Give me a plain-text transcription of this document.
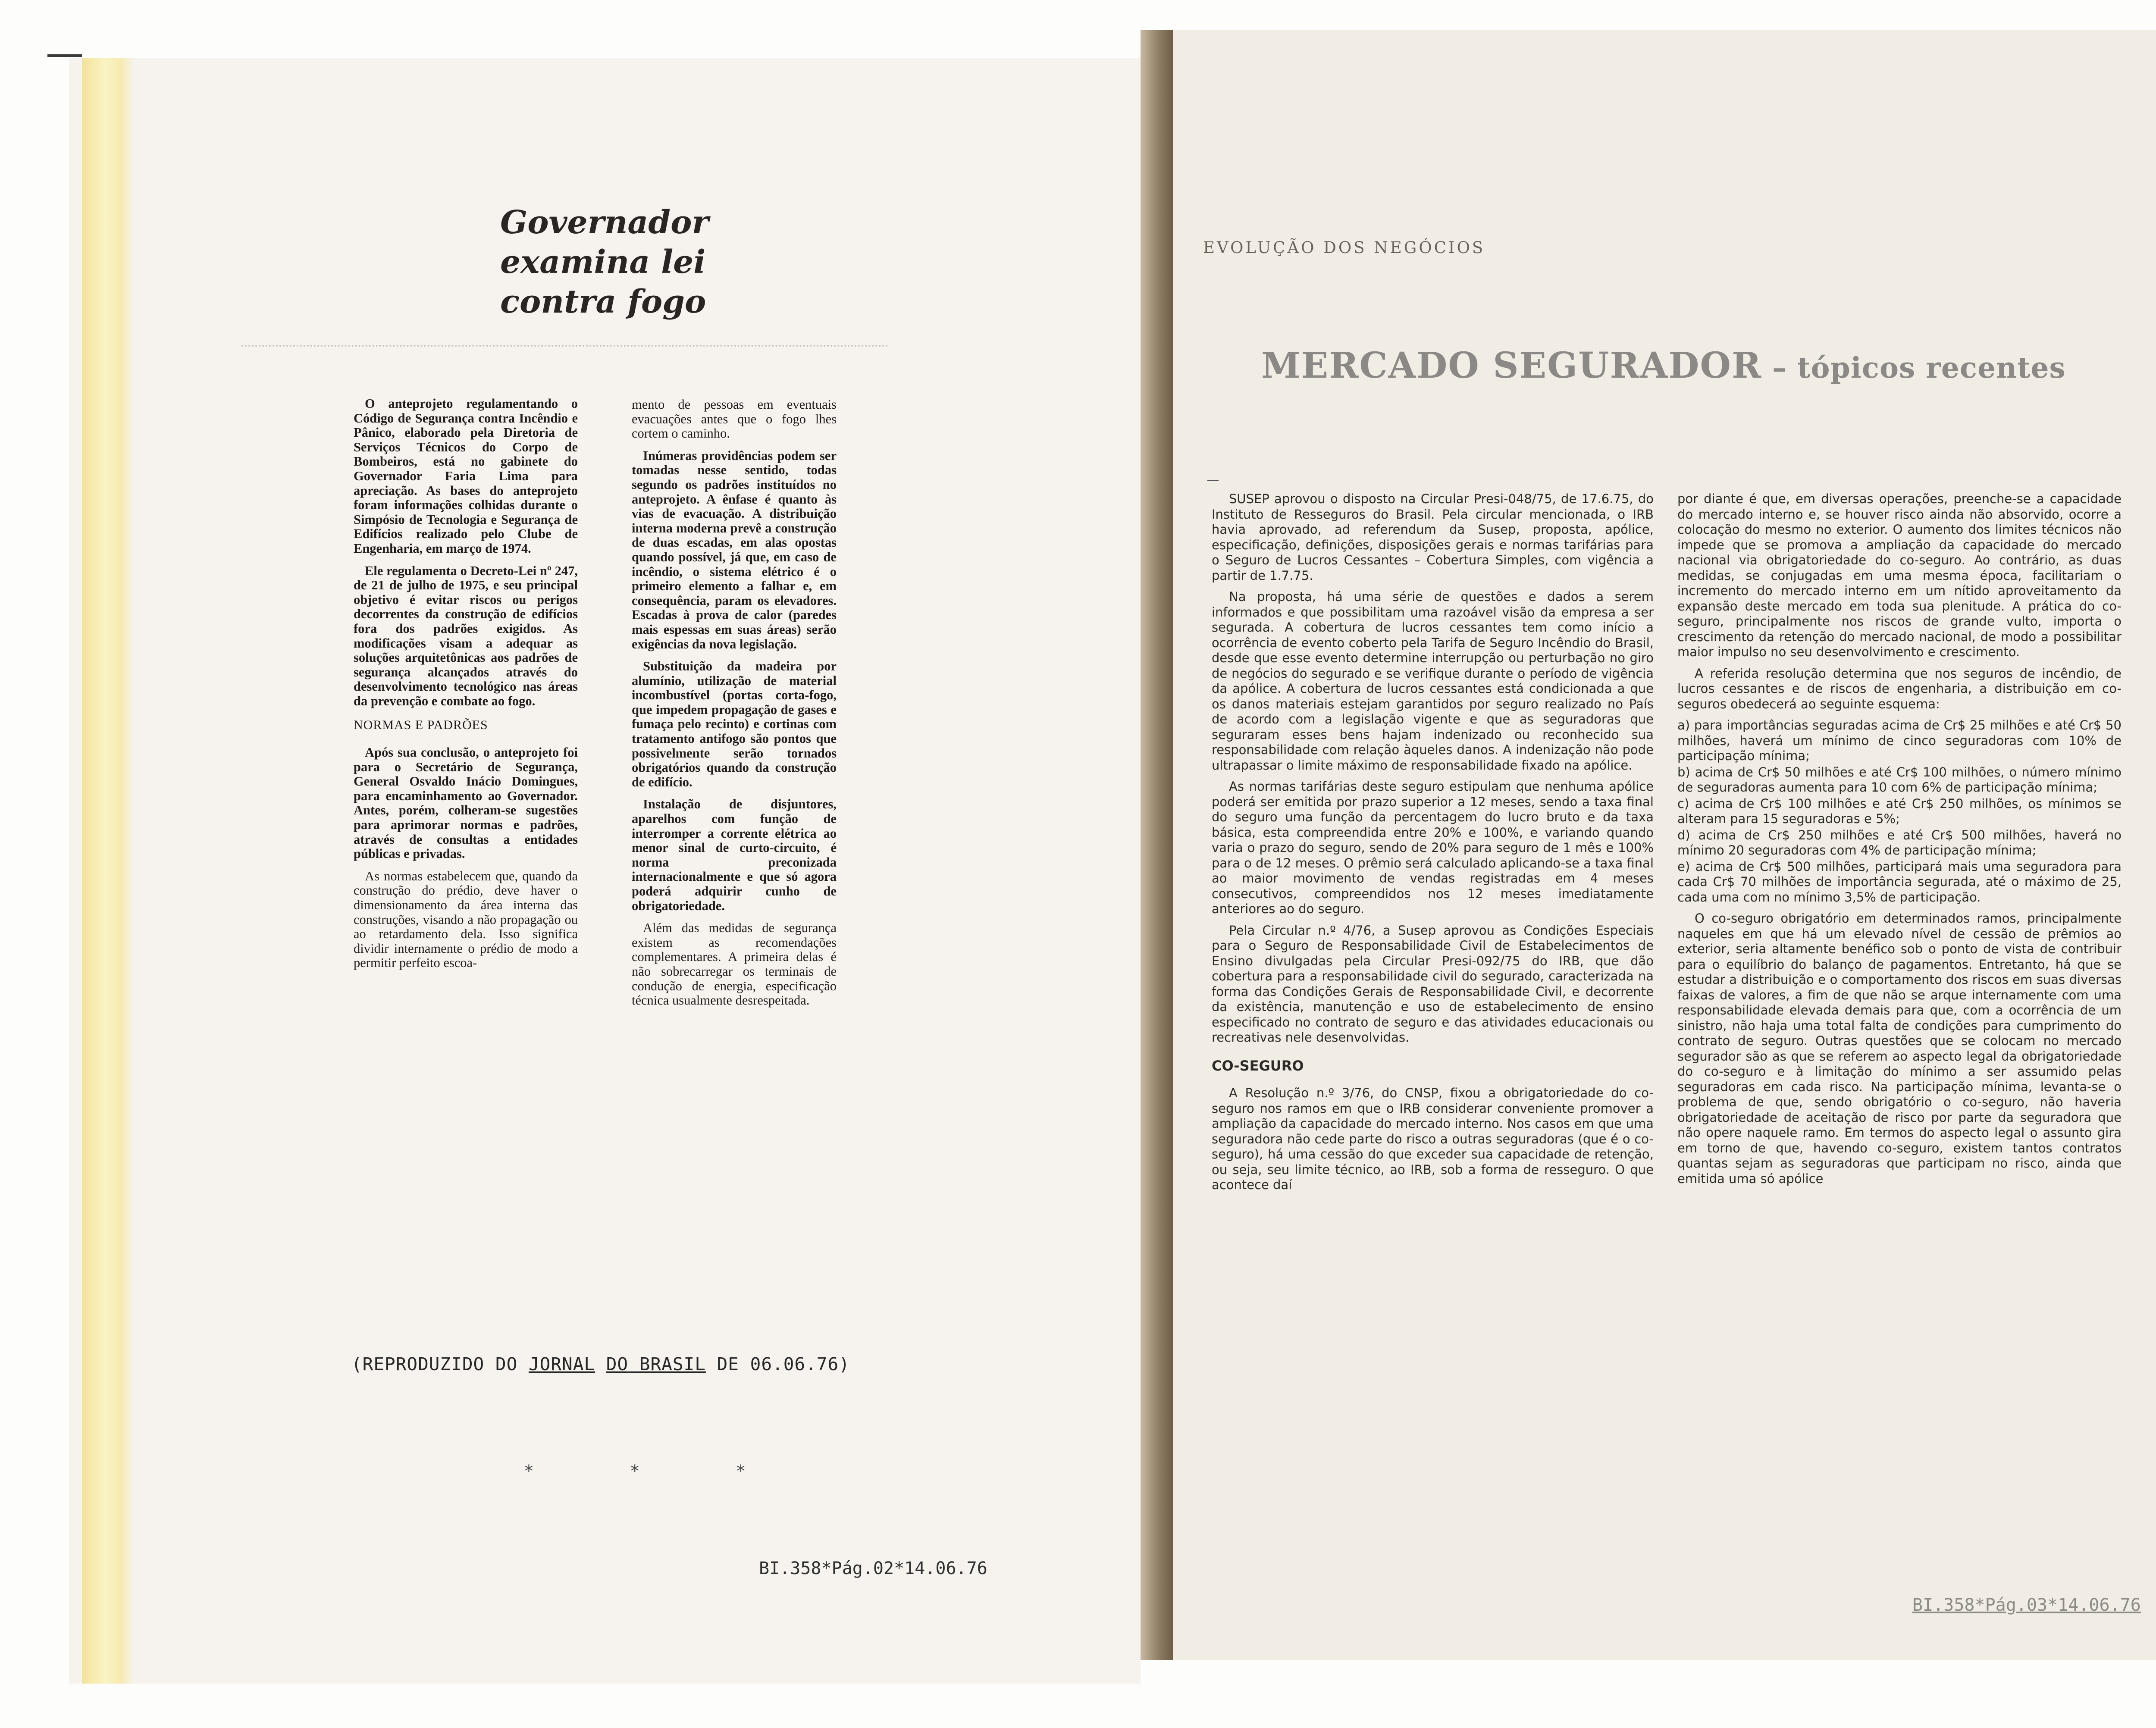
Governador
examina lei
contra fogo

O anteprojeto regulamentando o Código de Segurança contra Incêndio e Pânico, elaborado pela Diretoria de Serviços Técnicos do Corpo de Bombeiros, está no gabinete do Governador Faria Lima para apreciação. As bases do anteprojeto foram informações colhidas durante o Simpósio de Tecnologia e Segurança de Edifícios realizado pelo Clube de Engenharia, em março de 1974.

Ele regulamenta o Decreto-Lei nº 247, de 21 de julho de 1975, e seu principal objetivo é evitar riscos ou perigos decorrentes da construção de edifícios fora dos padrões exigidos. As modificações visam a adequar as soluções arquitetônicas aos padrões de segurança alcançados através do desenvolvimento tecnológico nas áreas da prevenção e combate ao fogo.

NORMAS E PADRÕES

Após sua conclusão, o anteprojeto foi para o Secretário de Segurança, General Osvaldo Inácio Domingues, para encaminhamento ao Governador. Antes, porém, colheram-se sugestões para aprimorar normas e padrões, através de consultas a entidades públicas e privadas.

As normas estabelecem que, quando da construção do prédio, deve haver o dimensionamento da área interna das construções, visando a não propagação ou ao retardamento dela. Isso significa dividir internamente o prédio de modo a permitir perfeito escoa-

mento de pessoas em eventuais evacuações antes que o fogo lhes cortem o caminho.

Inúmeras providências podem ser tomadas nesse sentido, todas segundo os padrões instituídos no anteprojeto. A ênfase é quanto às vias de evacuação. A distribuição interna moderna prevê a construção de duas escadas, em alas opostas quando possível, já que, em caso de incêndio, o sistema elétrico é o primeiro elemento a falhar e, em consequência, param os elevadores. Escadas à prova de calor (paredes mais espessas em suas áreas) serão exigências da nova legislação.

Substituição da madeira por alumínio, utilização de material incombustível (portas corta-fogo, que impedem propagação de gases e fumaça pelo recinto) e cortinas com tratamento antifogo são pontos que possivelmente serão tornados obrigatórios quando da construção de edifício.

Instalação de disjuntores, aparelhos com função de interromper a corrente elétrica ao menor sinal de curto-circuito, é norma preconizada internacionalmente e que só agora poderá adquirir cunho de obrigatoriedade.

Além das medidas de segurança existem as recomendações complementares. A primeira delas é não sobrecarregar os terminais de condução de energia, especificação técnica usualmente desrespeitada.

(REPRODUZIDO DO JORNAL DO BRASIL DE 06.06.76)
* * *
BI.358*Pág.02*14.06.76
EVOLUÇÃO DOS NEGÓCIOS
MERCADO SEGURADOR – tópicos recentes

SUSEP aprovou o disposto na Circular Presi-048/75, de 17.6.75, do Instituto de Resseguros do Brasil. Pela circular mencionada, o IRB havia aprovado, ad referendum da Susep, proposta, apólice, especificação, definições, disposições gerais e normas tarifárias para o Seguro de Lucros Cessantes – Cobertura Simples, com vigência a partir de 1.7.75.

Na proposta, há uma série de questões e dados a serem informados e que possibilitam uma razoável visão da empresa a ser segurada. A cobertura de lucros cessantes tem como início a ocorrência de evento coberto pela Tarifa de Seguro Incêndio do Brasil, desde que esse evento determine interrupção ou perturbação no giro de negócios do segurado e se verifique durante o período de vigência da apólice. A cobertura de lucros cessantes está condicionada a que os danos materiais estejam garantidos por seguro realizado no País de acordo com a legislação vigente e que as seguradoras que seguraram esses bens hajam indenizado ou reconhecido sua responsabilidade com relação àqueles danos. A indenização não pode ultrapassar o limite máximo de responsabilidade fixado na apólice.

As normas tarifárias deste seguro estipulam que nenhuma apólice poderá ser emitida por prazo superior a 12 meses, sendo a taxa final do seguro uma função da percentagem do lucro bruto e da taxa básica, esta compreendida entre 20% e 100%, e variando quando varia o prazo do seguro, sendo de 20% para seguro de 1 mês e 100% para o de 12 meses. O prêmio será calculado aplicando-se a taxa final ao maior movimento de vendas registradas em 4 meses consecutivos, compreendidos nos 12 meses imediatamente anteriores ao do seguro.

Pela Circular n.º 4/76, a Susep aprovou as Condições Especiais para o Seguro de Responsabilidade Civil de Estabelecimentos de Ensino divulgadas pela Circular Presi-092/75 do IRB, que dão cobertura para a responsabilidade civil do segurado, caracterizada na forma das Condições Gerais de Responsabilidade Civil, e decorrente da existência, manutenção e uso de estabelecimento de ensino especificado no contrato de seguro e das atividades educacionais ou recreativas nele desenvolvidas.

CO-SEGURO

A Resolução n.º 3/76, do CNSP, fixou a obrigatoriedade do co-seguro nos ramos em que o IRB considerar conveniente promover a ampliação da capacidade do mercado interno. Nos casos em que uma seguradora não cede parte do risco a outras seguradoras (que é o co-seguro), há uma cessão do que exceder sua capacidade de retenção, ou seja, seu limite técnico, ao IRB, sob a forma de resseguro. O que acontece daí

por diante é que, em diversas operações, preenche-se a capacidade do mercado interno e, se houver risco ainda não absorvido, ocorre a colocação do mesmo no exterior. O aumento dos limites técnicos não impede que se promova a ampliação da capacidade do mercado nacional via obrigatoriedade do co-seguro. Ao contrário, as duas medidas, se conjugadas em uma mesma época, facilitariam o incremento do mercado interno em um nítido aproveitamento da expansão deste mercado em toda sua plenitude. A prática do co-seguro, principalmente nos riscos de grande vulto, importa o crescimento da retenção do mercado nacional, de modo a possibilitar maior impulso no seu desenvolvimento e crescimento.

A referida resolução determina que nos seguros de incêndio, de lucros cessantes e de riscos de engenharia, a distribuição em co-seguros obedecerá ao seguinte esquema:

a) para importâncias seguradas acima de Cr$ 25 milhões e até Cr$ 50 milhões, haverá um mínimo de cinco seguradoras com 10% de participação mínima;

b) acima de Cr$ 50 milhões e até Cr$ 100 milhões, o número mínimo de seguradoras aumenta para 10 com 6% de participação mínima;

c) acima de Cr$ 100 milhões e até Cr$ 250 milhões, os mínimos se alteram para 15 seguradoras e 5%;

d) acima de Cr$ 250 milhões e até Cr$ 500 milhões, haverá no mínimo 20 seguradoras com 4% de participação mínima;

e) acima de Cr$ 500 milhões, participará mais uma seguradora para cada Cr$ 70 milhões de importância segurada, até o máximo de 25, cada uma com no mínimo 3,5% de participação.

O co-seguro obrigatório em determinados ramos, principalmente naqueles em que há um elevado nível de cessão de prêmios ao exterior, seria altamente benéfico sob o ponto de vista de contribuir para o equilíbrio do balanço de pagamentos. Entretanto, há que se estudar a distribuição e o comportamento dos riscos em suas diversas faixas de valores, a fim de que não se arque internamente com uma responsabilidade elevada demais para que, com a ocorrência de um sinistro, não haja uma total falta de condições para cumprimento do contrato de seguro. Outras questões que se colocam no mercado segurador são as que se referem ao aspecto legal da obrigatoriedade do co-seguro e à limitação do mínimo a ser assumido pelas seguradoras em cada risco. Na participação mínima, levanta-se o problema de que, sendo obrigatório o co-seguro, não haveria obrigatoriedade de aceitação de risco por parte da seguradora que não opere naquele ramo. Em termos do aspecto legal o assunto gira em torno de que, havendo co-seguro, existem tantos contratos quantas sejam as seguradoras que participam no risco, ainda que emitida uma só apólice

BI.358*Pág.03*14.06.76
